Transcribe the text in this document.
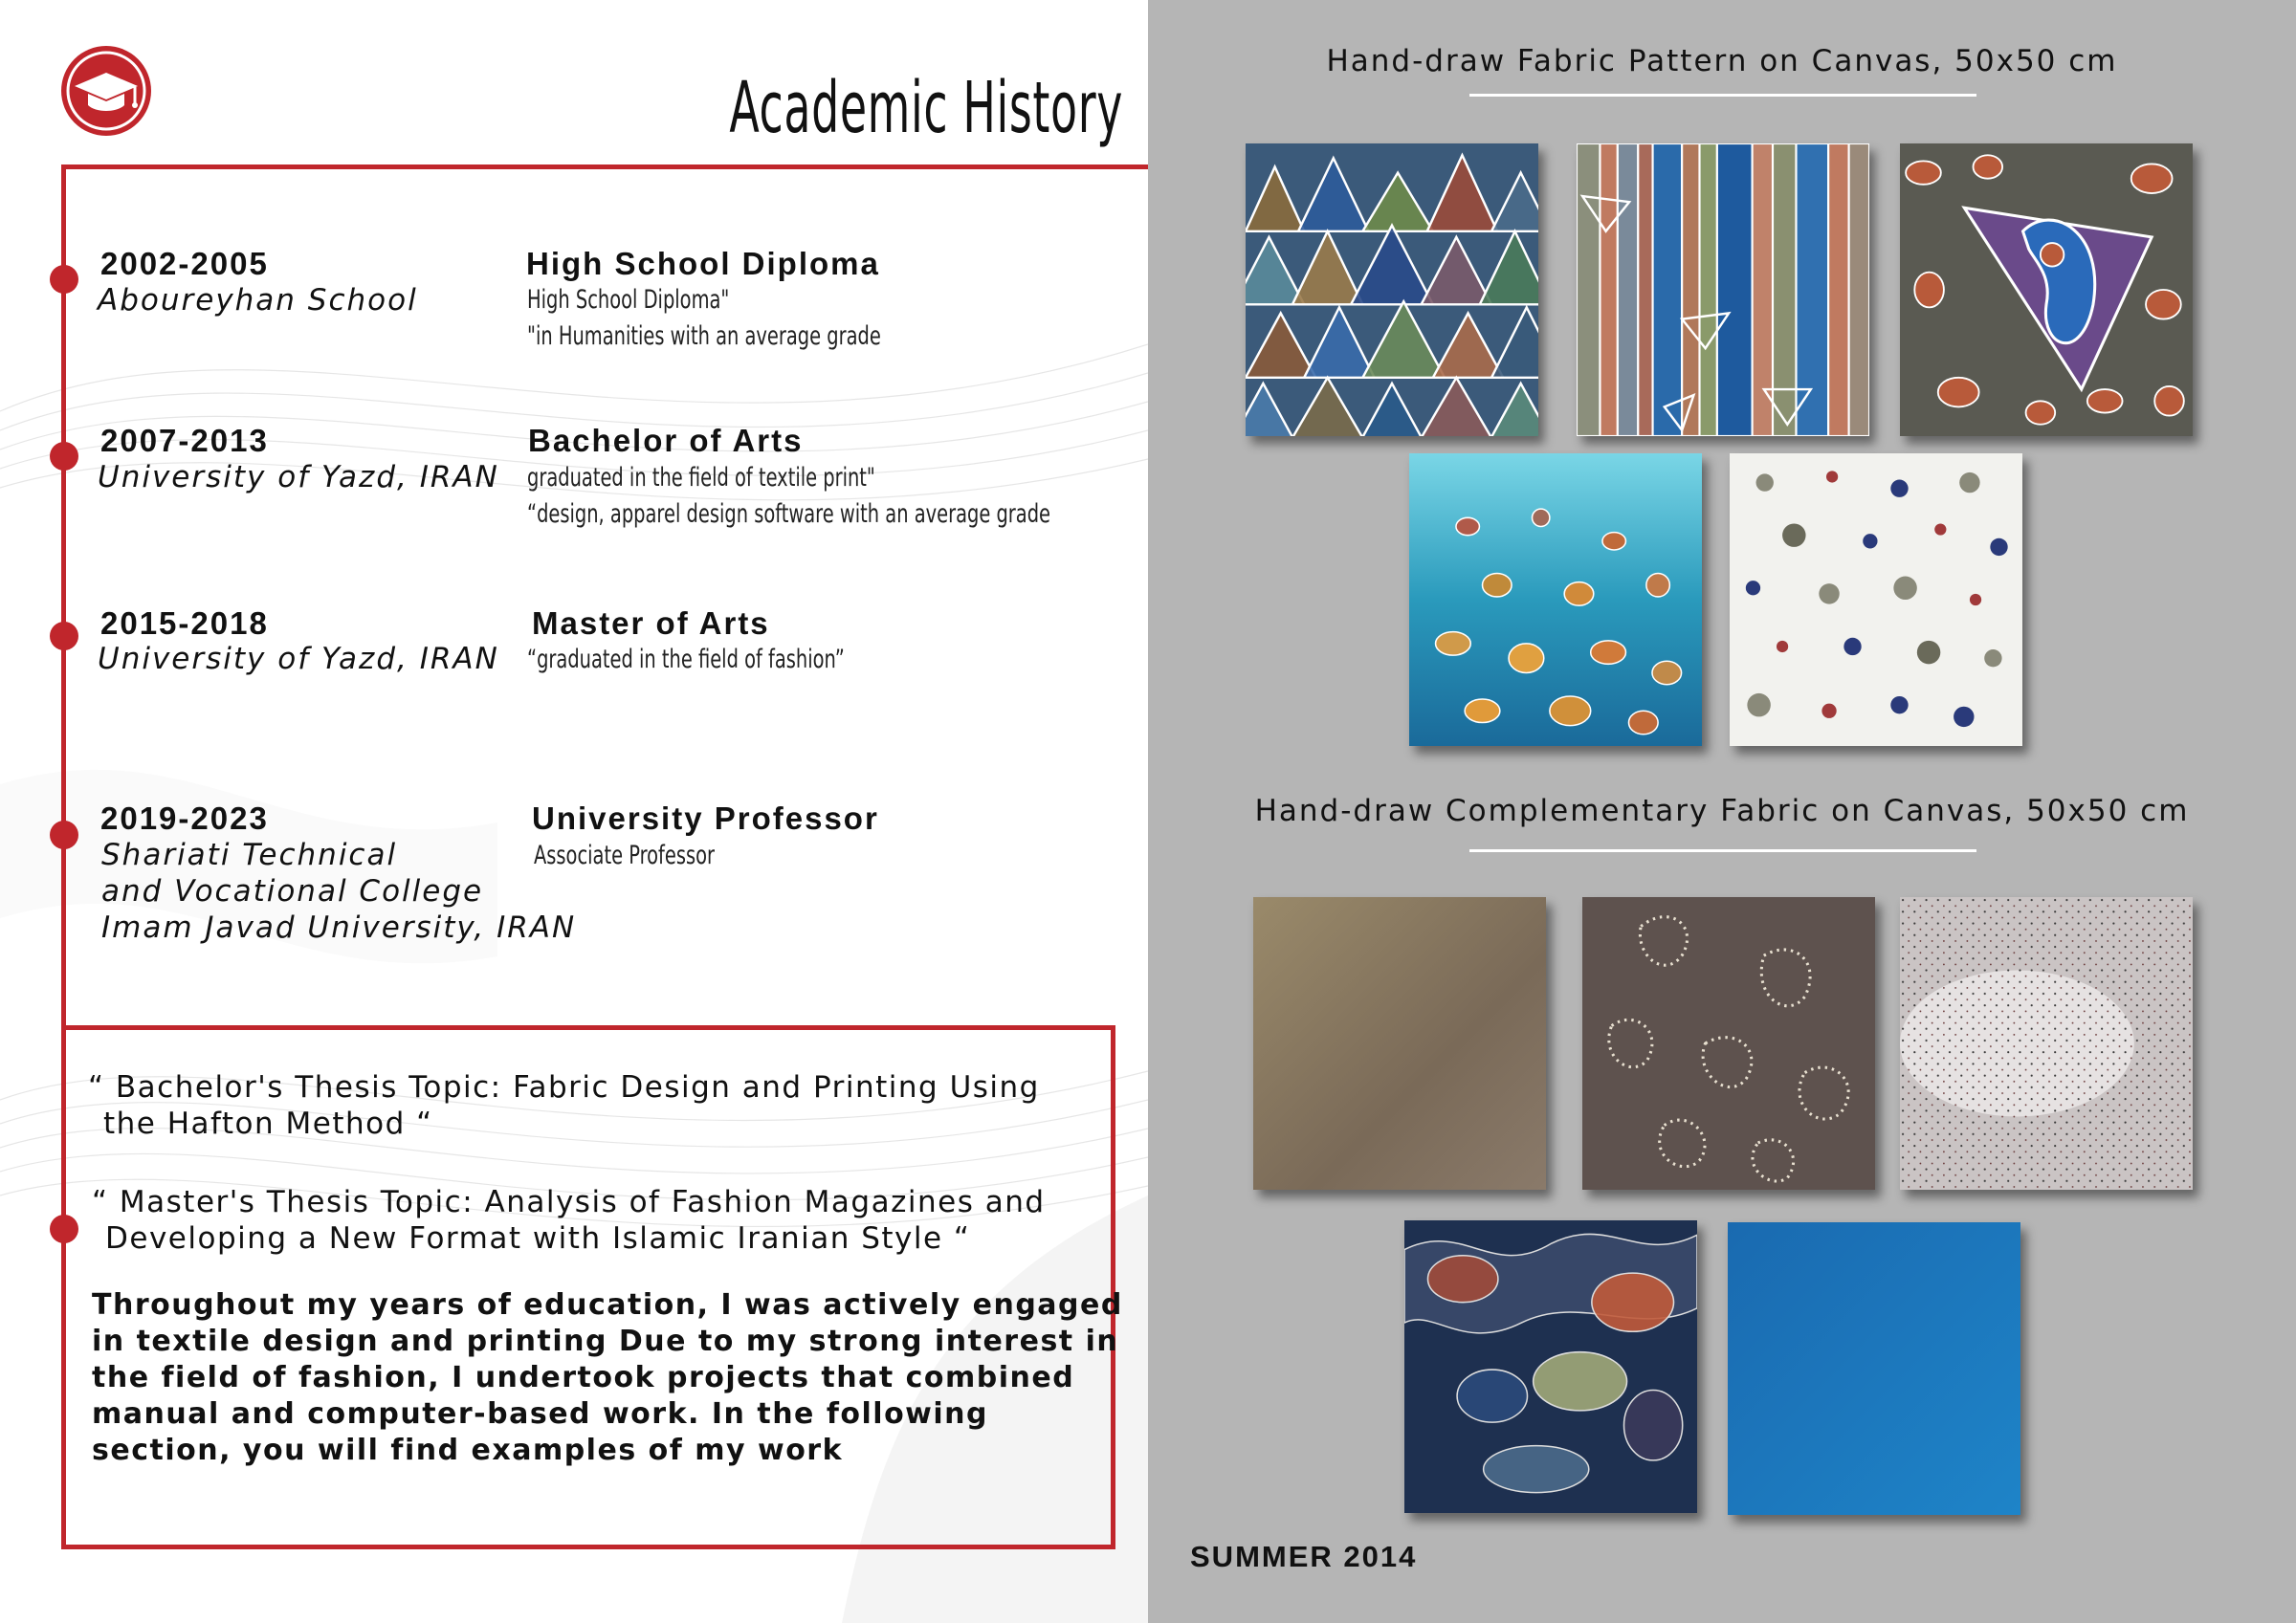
Academic History
2002-2005
Aboureyhan School
High School Diploma
High School Diploma"
"in Humanities with an average grade
2007-2013
University of Yazd, IRAN
Bachelor of Arts
graduated in the field of textile print"
“design, apparel design software with an average grade
2015-2018
University of Yazd, IRAN
Master of Arts
“graduated in the field of fashion”
2019-2023
Shariati Technical
and Vocational College
Imam Javad University, IRAN
University Professor
Associate Professor
“ Bachelor's Thesis Topic: Fabric Design and Printing Using
the Hafton Method “
“ Master's Thesis Topic: Analysis of Fashion Magazines and
Developing a New Format with Islamic Iranian Style “
Throughout my years of education, I was actively engaged in textile design and printing Due to my strong interest in the field of fashion, I undertook projects that combined manual and computer-based work. In the following section, you will find examples of my work
Hand-draw Fabric Pattern on Canvas, 50x50 cm
Hand-draw Complementary Fabric on Canvas, 50x50 cm
SUMMER 2014
